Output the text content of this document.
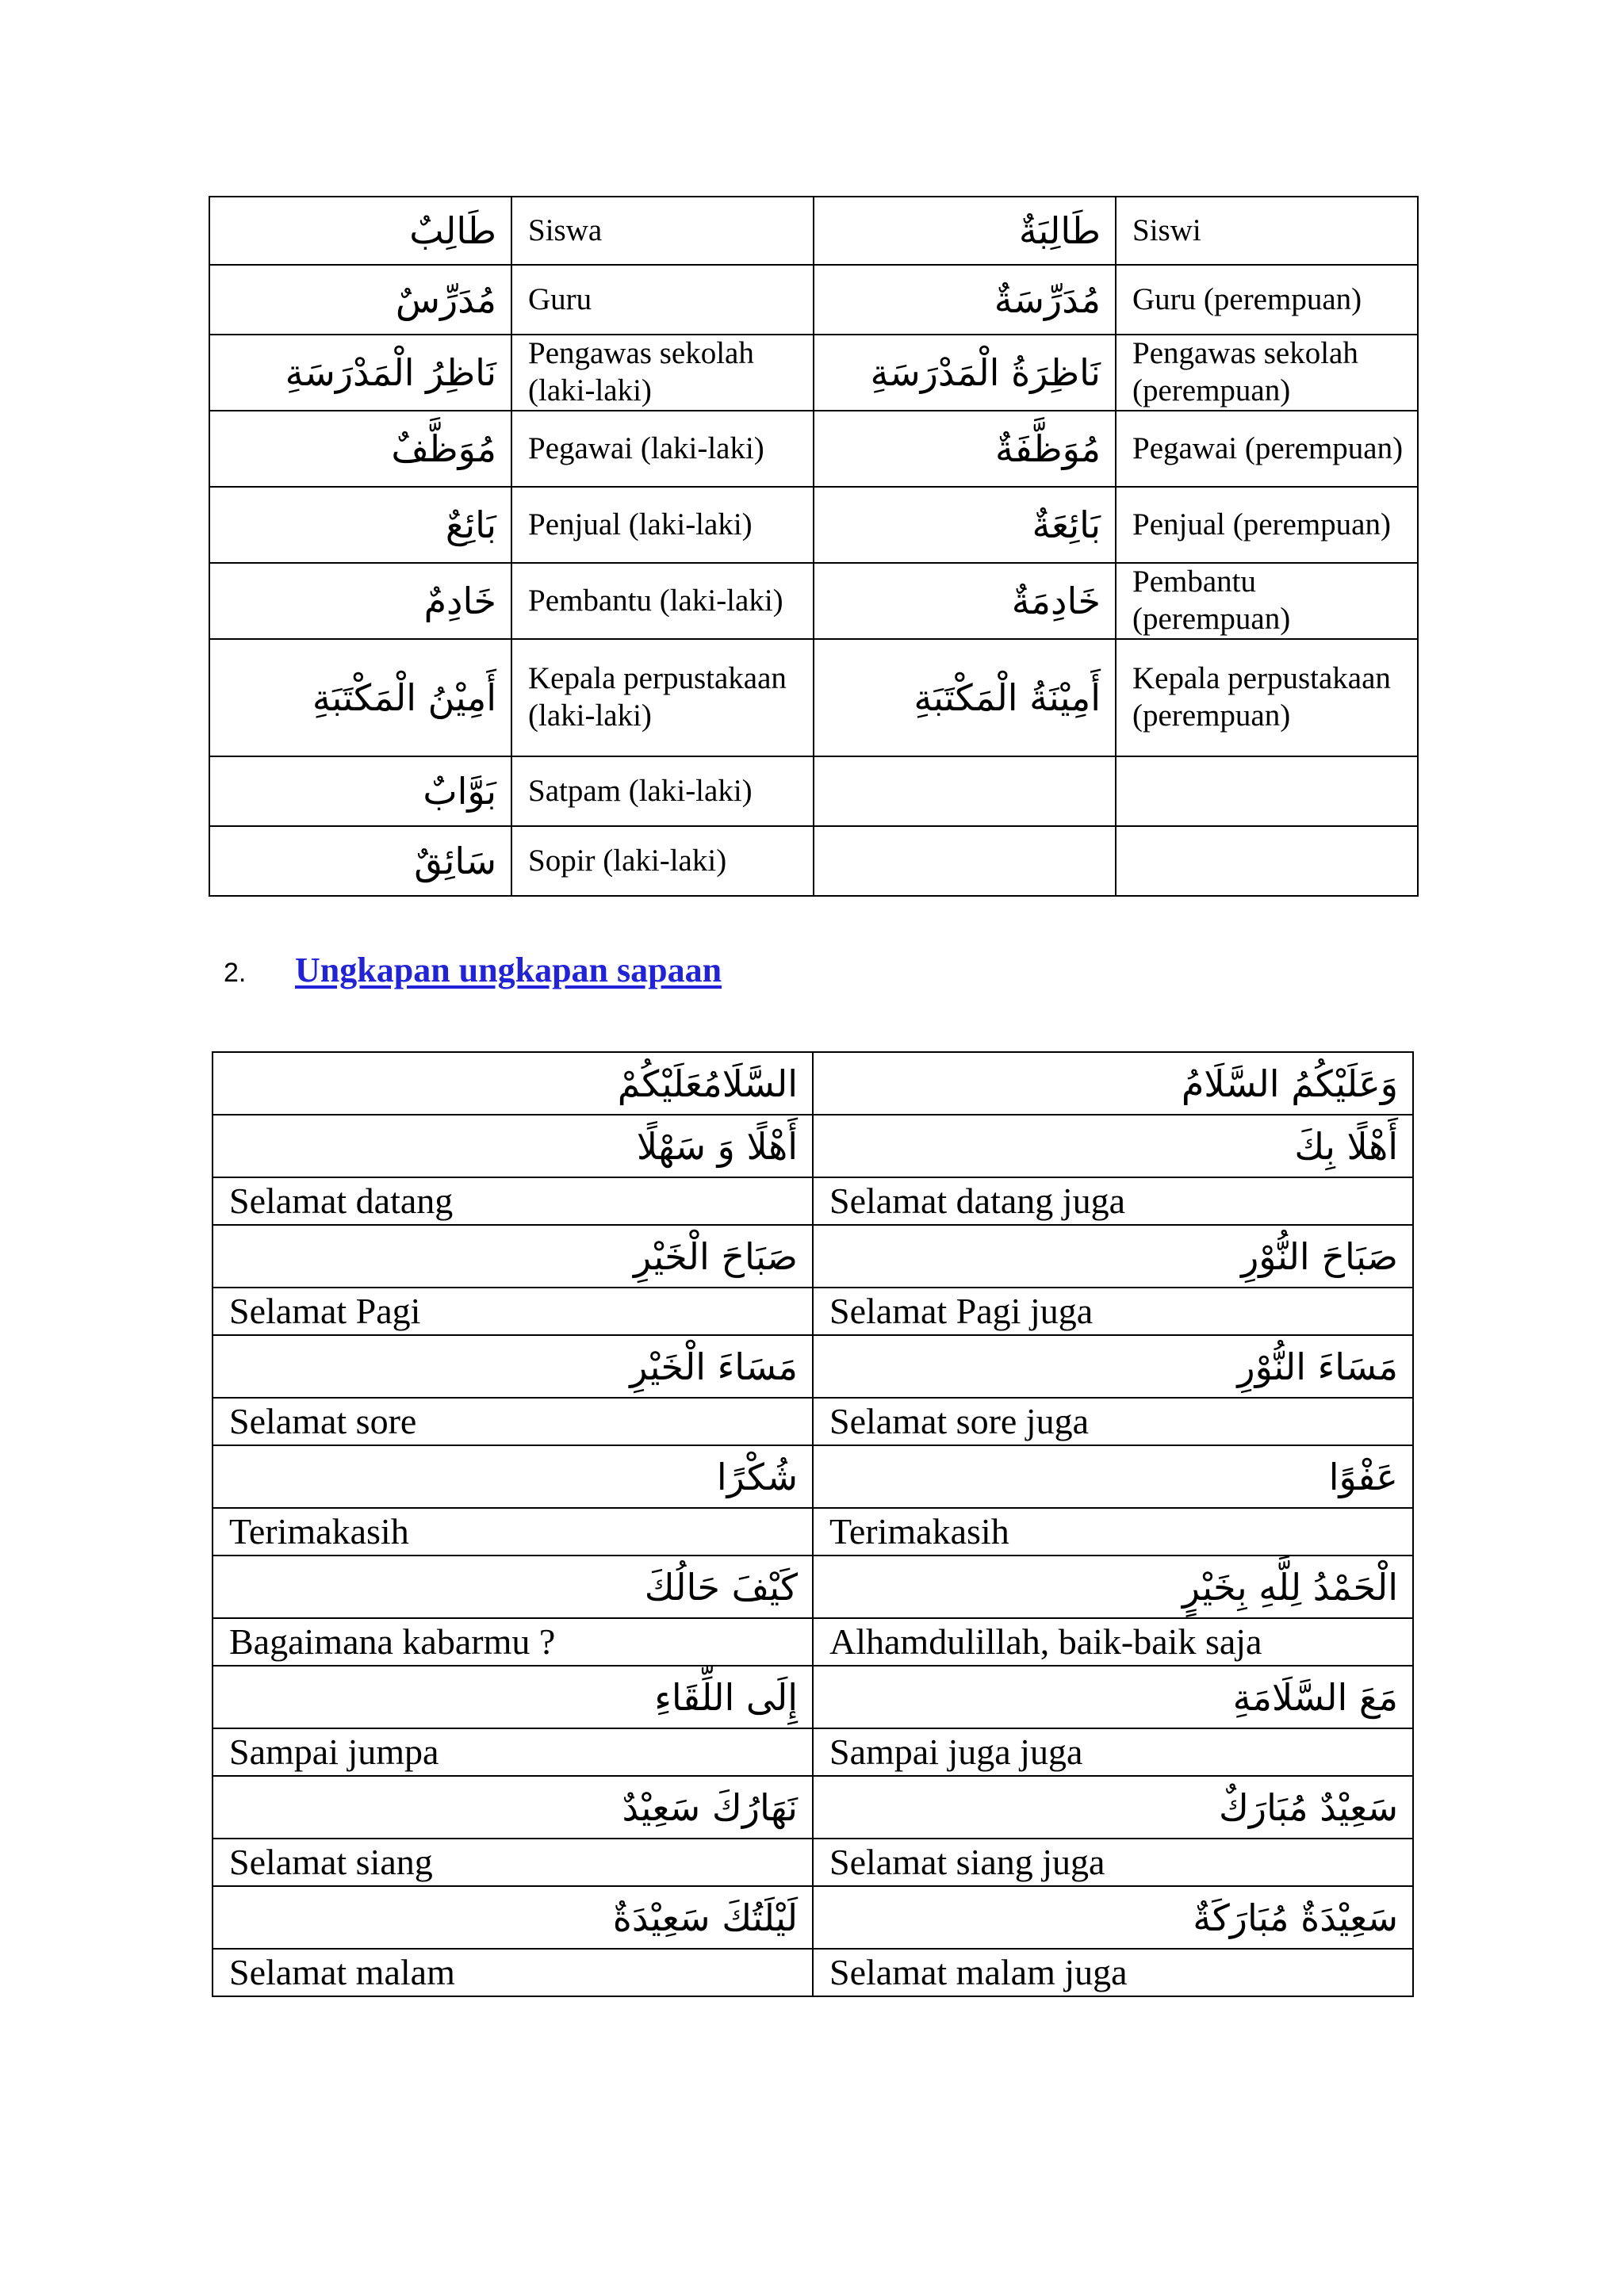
طَالِبٌ	Siswa	طَالِبَةٌ	Siswi
مُدَرِّسٌ	Guru	مُدَرِّسَةٌ	Guru (perempuan)
نَاظِرُ الْمَدْرَسَةِ	Pengawas sekolah (laki-laki)	نَاظِرَةُ الْمَدْرَسَةِ	Pengawas sekolah (perempuan)
مُوَظَّفٌ	Pegawai (laki-laki)	مُوَظَّفَةٌ	Pegawai (perempuan)
بَائِعٌ	Penjual (laki-laki)	بَائِعَةٌ	Penjual (perempuan)
خَادِمٌ	Pembantu (laki-laki)	خَادِمَةٌ	Pembantu (perempuan)
أَمِيْنُ الْمَكْتَبَةِ	Kepala perpustakaan (laki-laki)	أَمِيْنَةُ الْمَكْتَبَةِ	Kepala perpustakaan (perempuan)
بَوَّابٌ	Satpam (laki-laki)		
سَائِقٌ	Sopir (laki-laki)		
2. Ungkapan ungkapan sapaan
السَّلَامُعَلَيْكُمْ	وَعَلَيْكُمُ السَّلَامُ
أَهْلًا وَ سَهْلًا	أَهْلًا بِكَ
Selamat datang	Selamat datang juga
صَبَاحَ الْخَيْرِ	صَبَاحَ النُّوْرِ
Selamat Pagi	Selamat Pagi juga
مَسَاءَ الْخَيْرِ	مَسَاءَ النُّوْرِ
Selamat sore	Selamat sore juga
شُكْرًا	عَفْوًا
Terimakasih	Terimakasih
كَيْفَ حَالُكَ	الْحَمْدُ لِلَّهِ بِخَيْرٍ
Bagaimana kabarmu ?	Alhamdulillah, baik-baik saja
إِلَى اللِّقَاءِ	مَعَ السَّلَامَةِ
Sampai jumpa	Sampai juga juga
نَهَارُكَ سَعِيْدٌ	سَعِيْدٌ مُبَارَكٌ
Selamat siang	Selamat siang juga
لَيْلَتُكَ سَعِيْدَةٌ	سَعِيْدَةٌ مُبَارَكَةٌ
Selamat malam	Selamat malam juga
